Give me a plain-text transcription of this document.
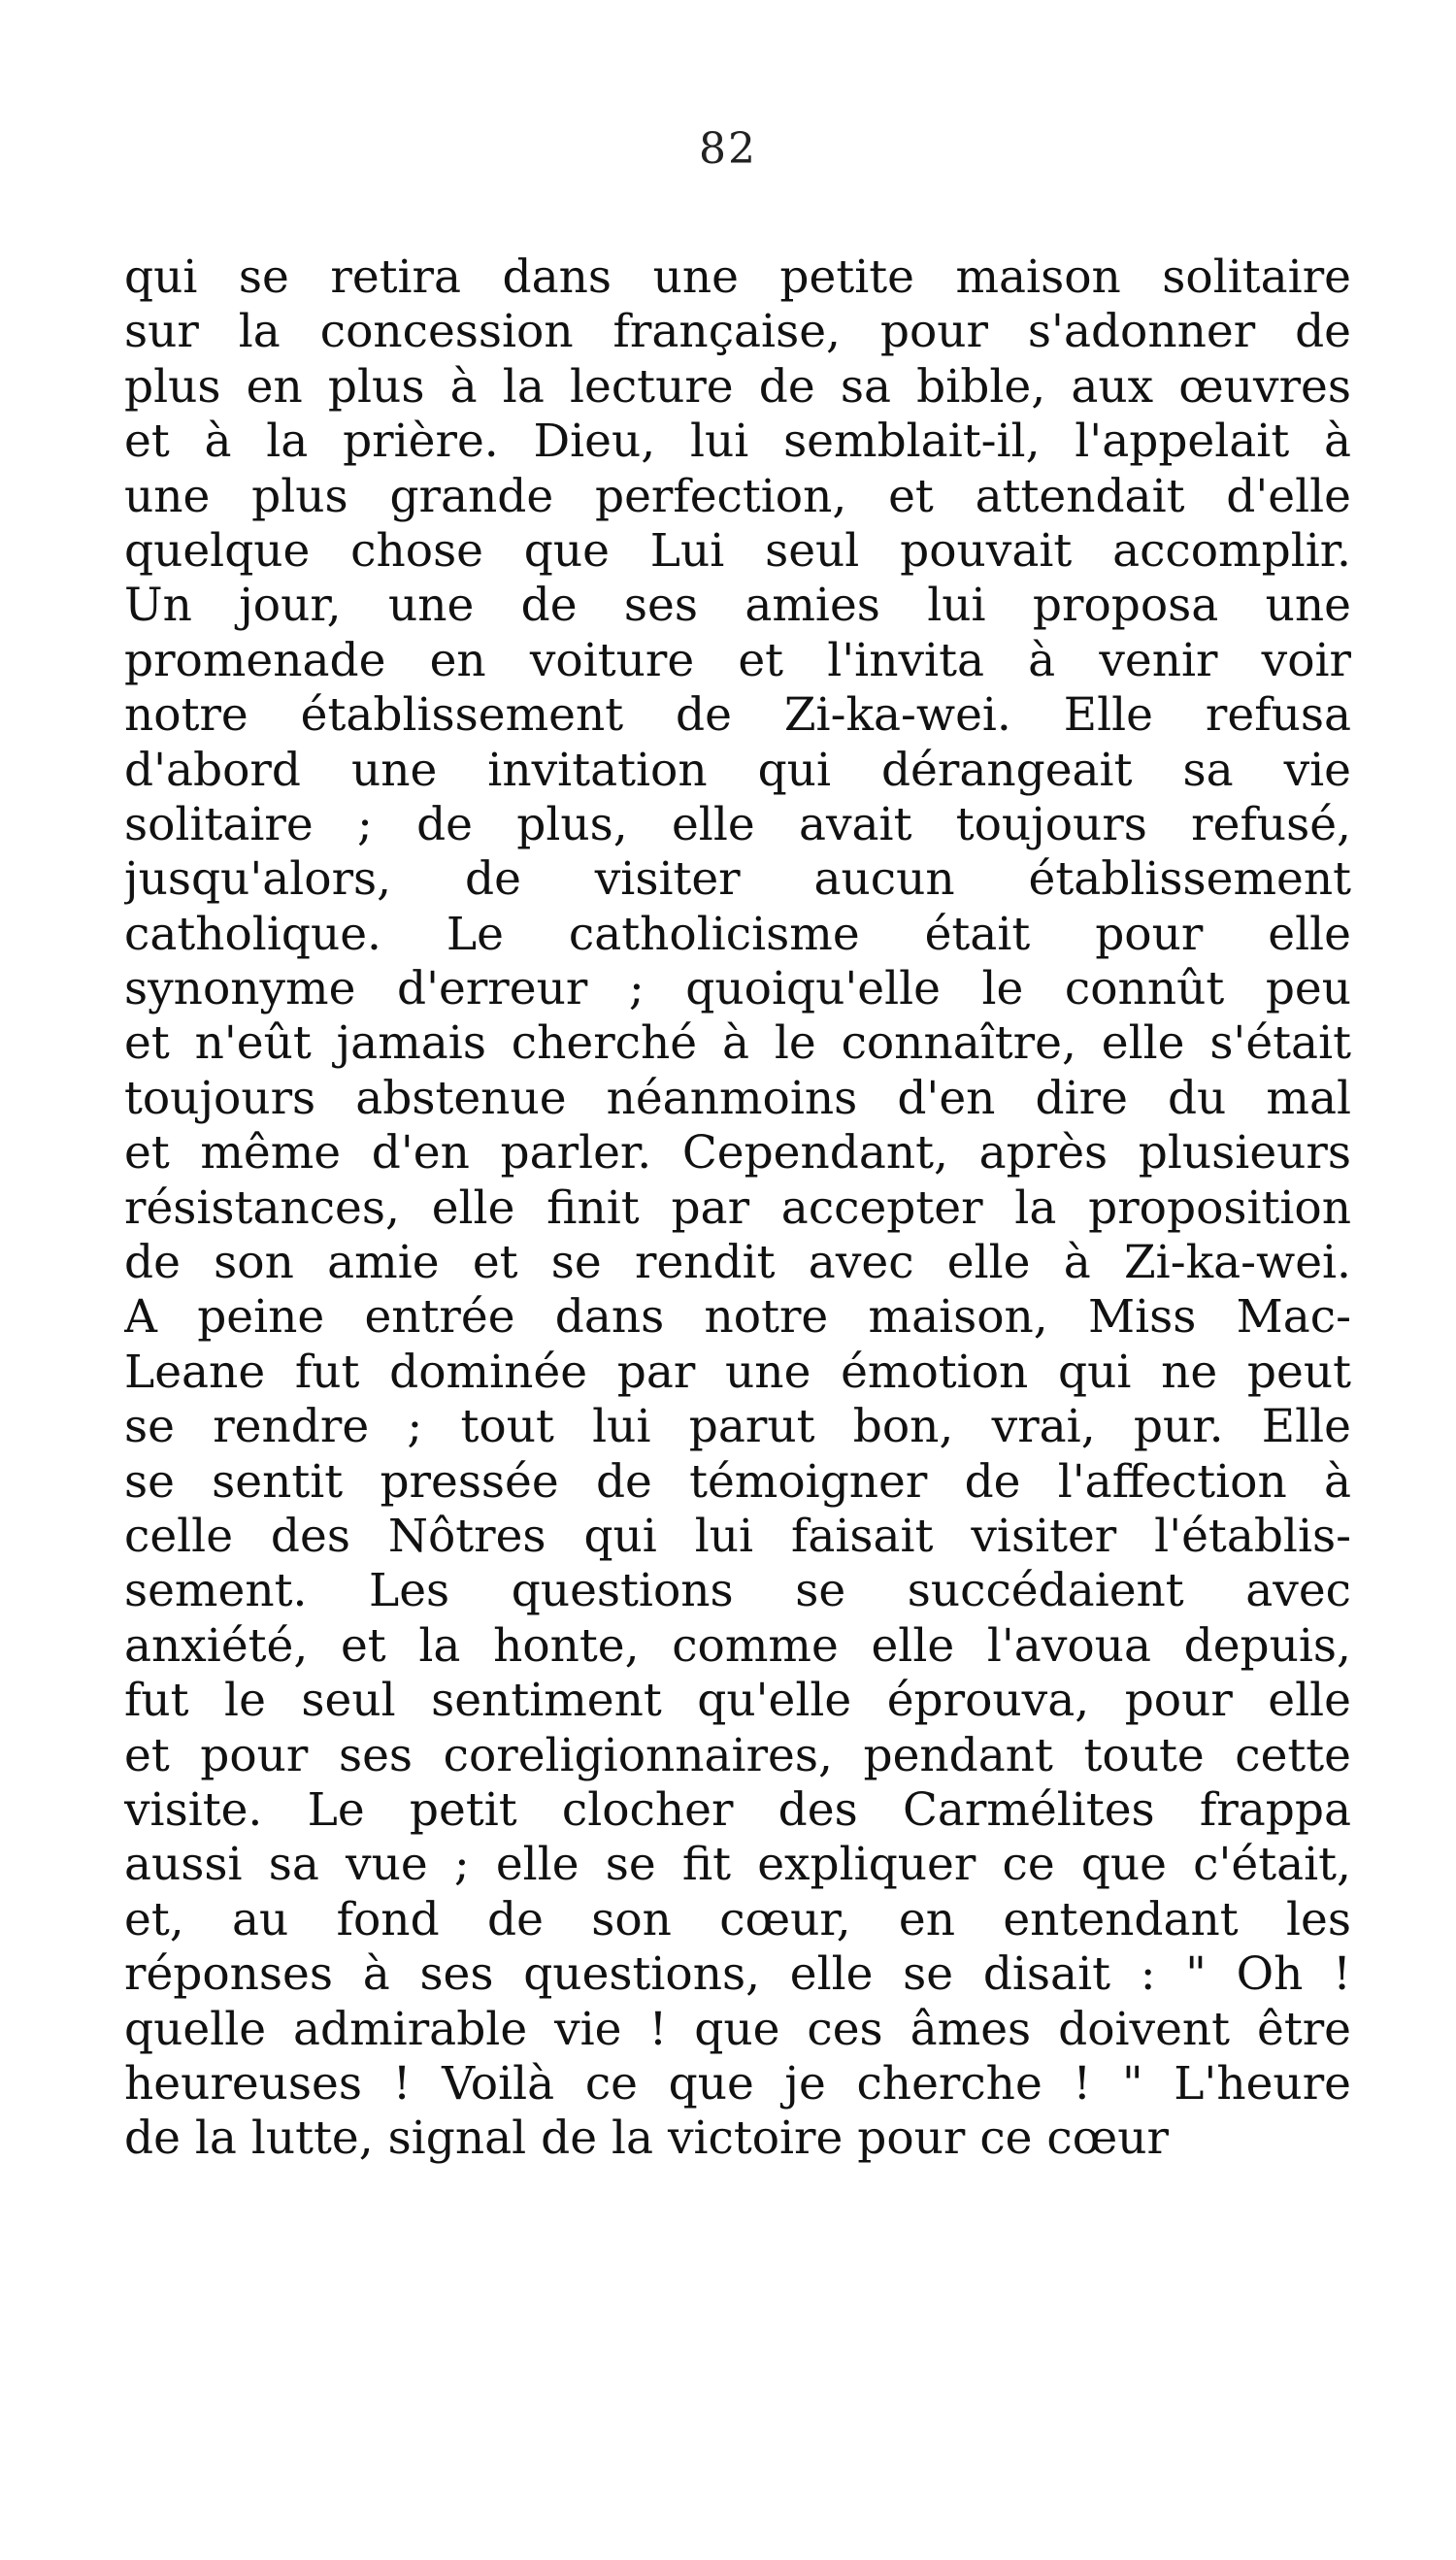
82
qui se retira dans une petite maison solitaire
sur la concession française, pour s'adonner de
plus en plus à la lecture de sa bible, aux œuvres
et à la prière. Dieu, lui semblait-il, l'appelait à
une plus grande perfection, et attendait d'elle
quelque chose que Lui seul pouvait accomplir.
Un jour, une de ses amies lui proposa une
promenade en voiture et l'invita à venir voir
notre établissement de Zi-ka-wei. Elle refusa
d'abord une invitation qui dérangeait sa vie
solitaire ; de plus, elle avait toujours refusé,
jusqu'alors, de visiter aucun établissement
catholique. Le catholicisme était pour elle
synonyme d'erreur ; quoiqu'elle le connût peu
et n'eût jamais cherché à le connaître, elle s'était
toujours abstenue néanmoins d'en dire du mal
et même d'en parler. Cependant, après plusieurs
résistances, elle finit par accepter la proposition
de son amie et se rendit avec elle à Zi-ka-wei.
A peine entrée dans notre maison, Miss Mac-
Leane fut dominée par une émotion qui ne peut
se rendre ; tout lui parut bon, vrai, pur. Elle
se sentit pressée de témoigner de l'affection à
celle des Nôtres qui lui faisait visiter l'établis-
sement. Les questions se succédaient avec
anxiété, et la honte, comme elle l'avoua depuis,
fut le seul sentiment qu'elle éprouva, pour elle
et pour ses coreligionnaires, pendant toute cette
visite. Le petit clocher des Carmélites frappa
aussi sa vue ; elle se fit expliquer ce que c'était,
et, au fond de son cœur, en entendant les
réponses à ses questions, elle se disait : " Oh !
quelle admirable vie ! que ces âmes doivent être
heureuses ! Voilà ce que je cherche ! " L'heure
de la lutte, signal de la victoire pour ce cœur
